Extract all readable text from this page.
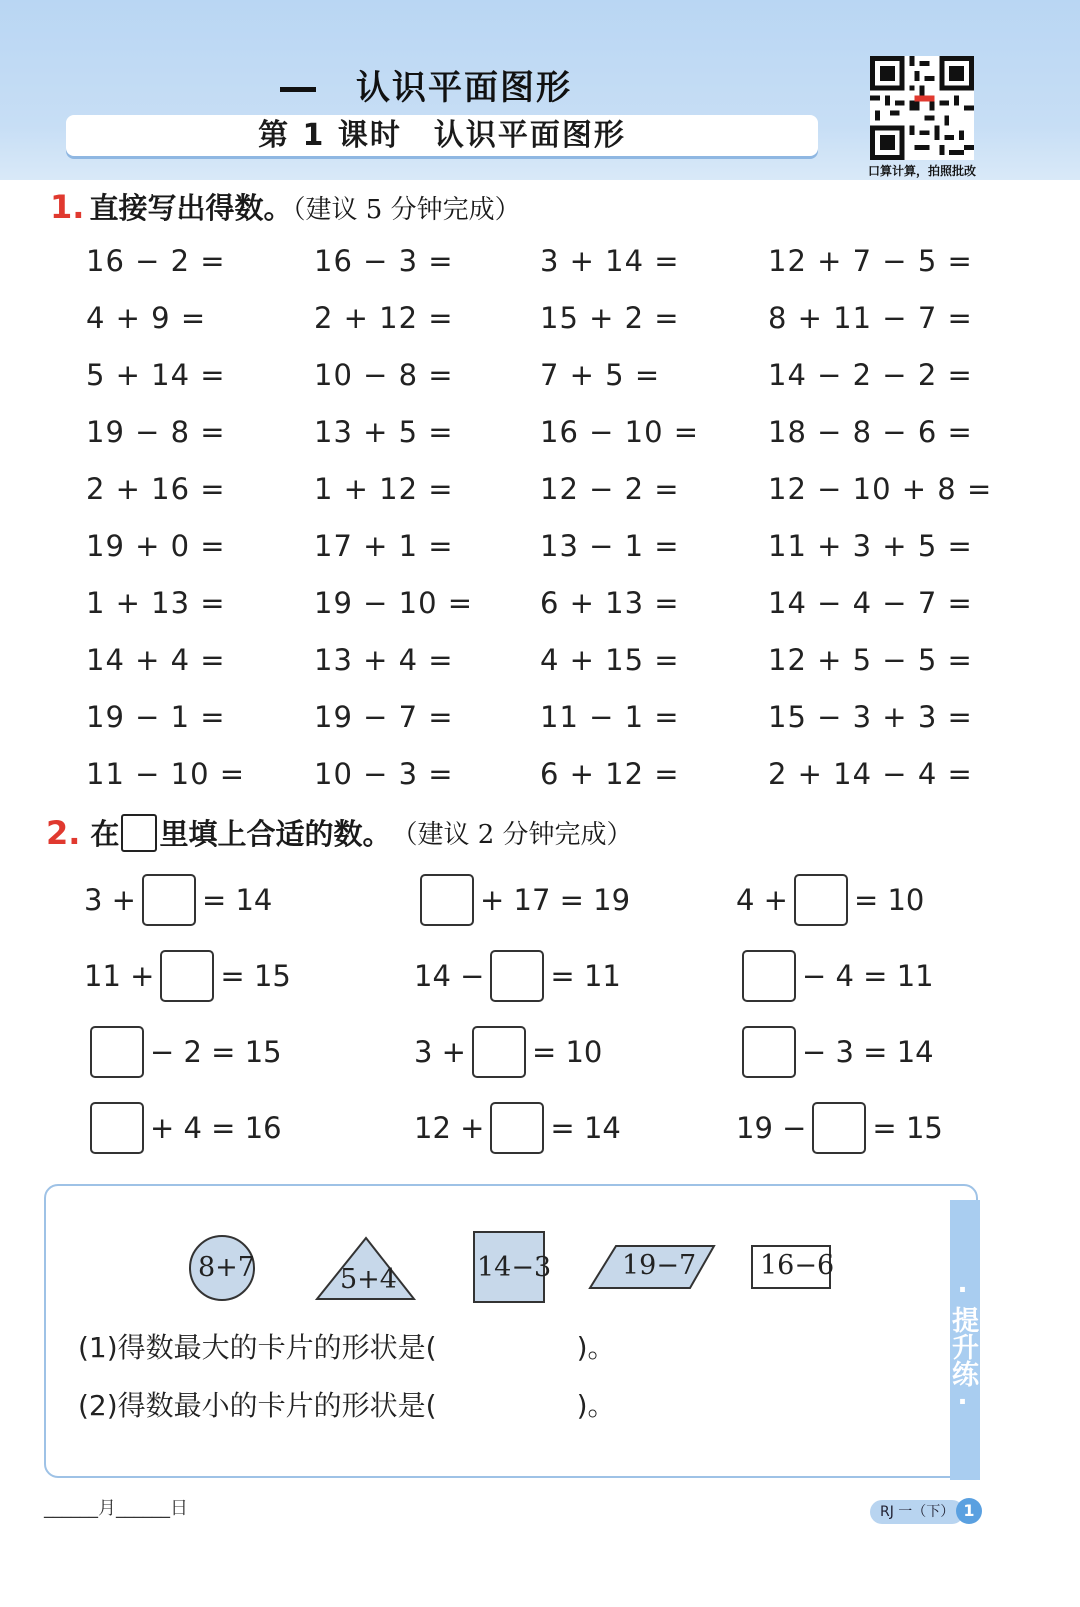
认识平面图形
第 1 课时　认识平面图形
口算计算，拍照批改
1. 直接写出得数。（建议 5 分钟完成）
16 − 2 =	16 − 3 =	3 + 14 =	12 + 7 − 5 =
4 + 9 =	2 + 12 =	15 + 2 =	8 + 11 − 7 =
5 + 14 =	10 − 8 =	7 + 5 =	14 − 2 − 2 =
19 − 8 =	13 + 5 =	16 − 10 = 18 − 8 − 6 =
2 + 16 =	1 + 12 =	12 − 2 =	12 − 10 + 8 =
19 + 0 =	17 + 1 =	13 − 1 =	11 + 3 + 5 =
1 + 13 =	19 − 10 = 6 + 13 =	14 − 4 − 7 =
14 + 4 =	13 + 4 =	4 + 15 =	12 + 5 − 5 =
19 − 1 =	19 − 7 =	11 − 1 =	15 − 3 + 3 =
11 − 10 = 10 − 3 =	6 + 12 =	2 + 14 − 4 =
2. 在 里填上合适的数。 （建议 2 分钟完成）
3 + = 14	+ 17 = 19	4 + = 10
11 + = 15	14 − = 11	− 4 = 11
− 2 = 15	3 + = 10	− 3 = 14
+ 4 = 16	12 + = 14	19 − = 15
·提升练·
8+7	5+4	14−3	19−7 16−6
(1)得数最大的卡片的形状是(　　　　　)。
(2)得数最小的卡片的形状是(　　　　　)。
______月______日	RJ 一（下） 1
